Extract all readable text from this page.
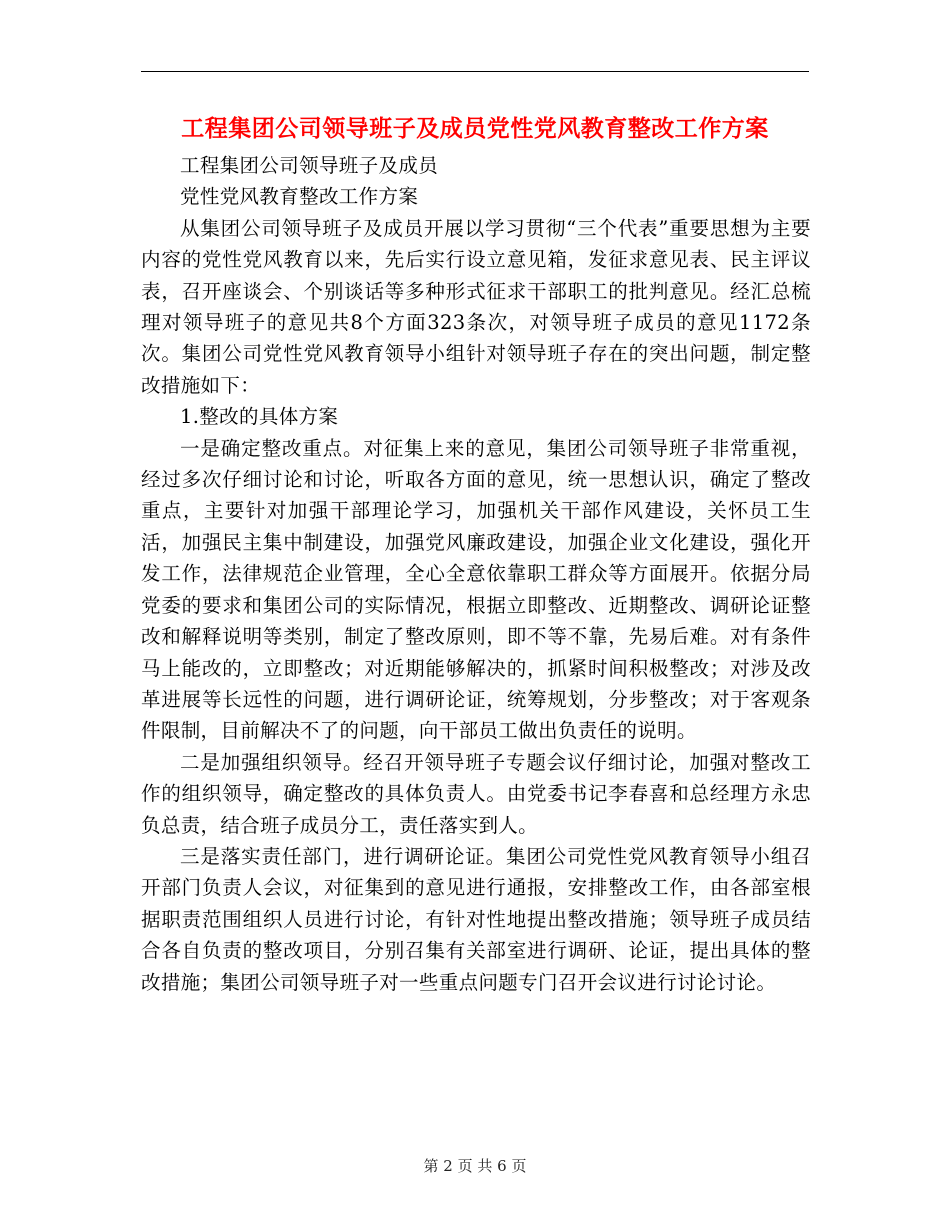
工程集团公司领导班子及成员党性党风教育整改工作方案

工程集团公司领导班子及成员

党性党风教育整改工作方案

从集团公司领导班子及成员开展以学习贯彻“三个代表”重要思想为主要内容的党性党风教育以来，先后实行设立意见箱，发征求意见表、民主评议表，召开座谈会、个别谈话等多种形式征求干部职工的批判意见。经汇总梳理对领导班子的意见共8个方面323条次，对领导班子成员的意见1172条次。集团公司党性党风教育领导小组针对领导班子存在的突出问题，制定整改措施如下：

1.整改的具体方案

一是确定整改重点。对征集上来的意见，集团公司领导班子非常重视，经过多次仔细讨论和讨论，听取各方面的意见，统一思想认识，确定了整改重点，主要针对加强干部理论学习，加强机关干部作风建设，关怀员工生活，加强民主集中制建设，加强党风廉政建设，加强企业文化建设，强化开发工作，法律规范企业管理，全心全意依靠职工群众等方面展开。依据分局党委的要求和集团公司的实际情况，根据立即整改、近期整改、调研论证整改和解释说明等类别，制定了整改原则，即不等不靠，先易后难。对有条件马上能改的，立即整改；对近期能够解决的，抓紧时间积极整改；对涉及改革进展等长远性的问题，进行调研论证，统筹规划，分步整改；对于客观条件限制，目前解决不了的问题，向干部员工做出负责任的说明。

二是加强组织领导。经召开领导班子专题会议仔细讨论，加强对整改工作的组织领导，确定整改的具体负责人。由党委书记李春喜和总经理方永忠负总责，结合班子成员分工，责任落实到人。

三是落实责任部门，进行调研论证。集团公司党性党风教育领导小组召开部门负责人会议，对征集到的意见进行通报，安排整改工作，由各部室根据职责范围组织人员进行讨论，有针对性地提出整改措施；领导班子成员结合各自负责的整改项目，分别召集有关部室进行调研、论证，提出具体的整改措施；集团公司领导班子对一些重点问题专门召开会议进行讨论讨论。

第 2 页 共 6 页
